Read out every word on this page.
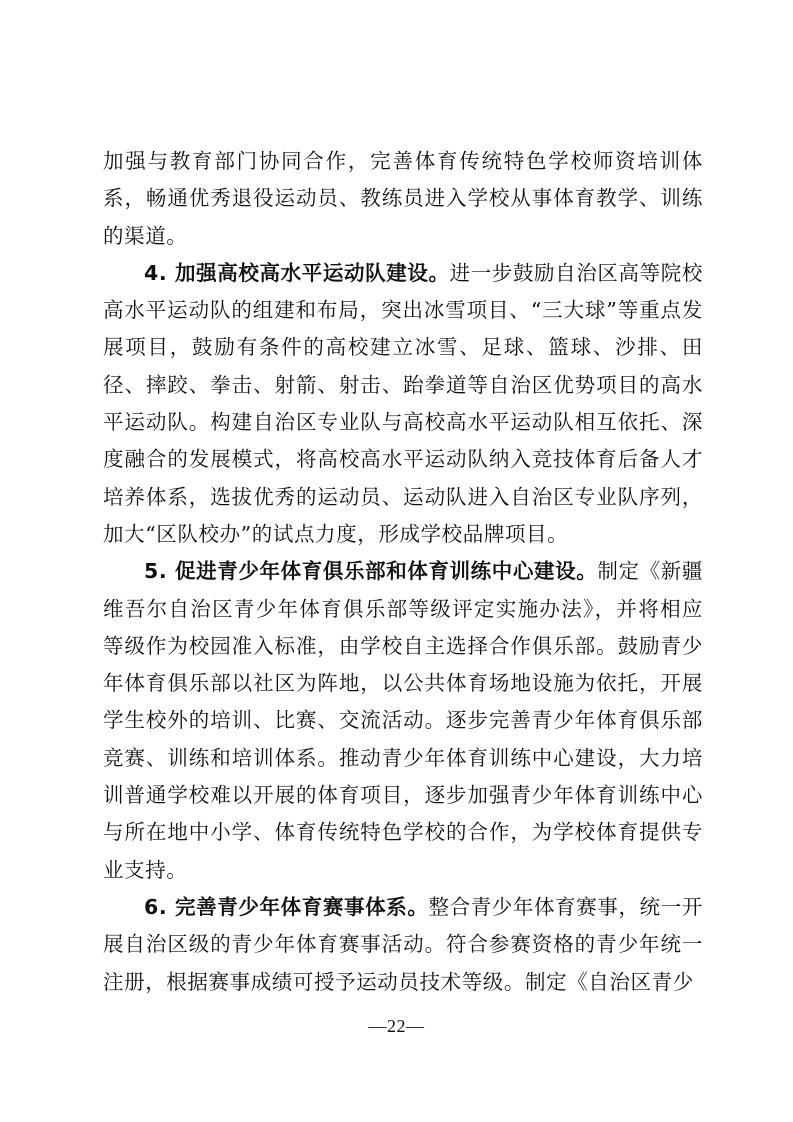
加强与教育部门协同合作，完善体育传统特色学校师资培训体系，畅通优秀退役运动员、教练员进入学校从事体育教学、训练的渠道。

4. 加强高校高水平运动队建设。进一步鼓励自治区高等院校高水平运动队的组建和布局，突出冰雪项目、“三大球”等重点发展项目，鼓励有条件的高校建立冰雪、足球、篮球、沙排、田径、摔跤、拳击、射箭、射击、跆拳道等自治区优势项目的高水平运动队。构建自治区专业队与高校高水平运动队相互依托、深度融合的发展模式，将高校高水平运动队纳入竞技体育后备人才培养体系，选拔优秀的运动员、运动队进入自治区专业队序列，加大“区队校办”的试点力度，形成学校品牌项目。

5. 促进青少年体育俱乐部和体育训练中心建设。制定《新疆维吾尔自治区青少年体育俱乐部等级评定实施办法》，并将相应等级作为校园准入标准，由学校自主选择合作俱乐部。鼓励青少年体育俱乐部以社区为阵地，以公共体育场地设施为依托，开展学生校外的培训、比赛、交流活动。逐步完善青少年体育俱乐部竞赛、训练和培训体系。推动青少年体育训练中心建设，大力培训普通学校难以开展的体育项目，逐步加强青少年体育训练中心与所在地中小学、体育传统特色学校的合作，为学校体育提供专业支持。

6. 完善青少年体育赛事体系。整合青少年体育赛事，统一开展自治区级的青少年体育赛事活动。符合参赛资格的青少年统一注册，根据赛事成绩可授予运动员技术等级。制定《自治区青少

—22—
